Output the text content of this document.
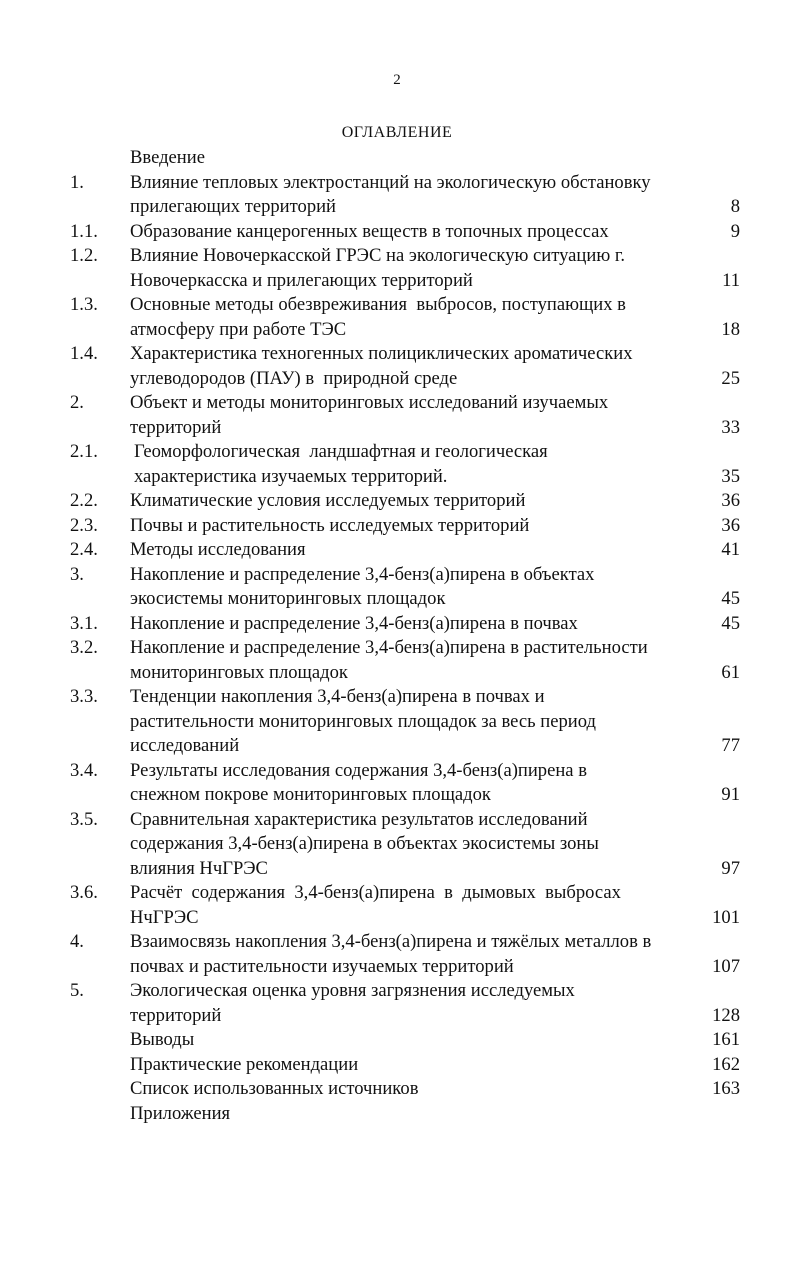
2
ОГЛАВЛЕНИЕ
Введение
1.	Влияние тепловых электростанций на экологическую обстановку
прилегающих территорий	8
1.1.	Образование канцерогенных веществ в топочных процессах	9
1.2.	Влияние Новочеркасской ГРЭС на экологическую ситуацию г.
Новочеркасска и прилегающих территорий	11
1.3.	Основные методы обезвреживания  выбросов, поступающих в
атмосферу при работе ТЭС	18
1.4.	Характеристика техногенных полициклических ароматических
углеводородов (ПАУ) в  природной среде	25
2.	Объект и методы мониторинговых исследований изучаемых
территорий	33
2.1.	Геоморфологическая  ландшафтная и геологическая
характеристика изучаемых территорий.	35
2.2.	Климатические условия исследуемых территорий	36
2.3.	Почвы и растительность исследуемых территорий	36
2.4.	Методы исследования	41
3.	Накопление и распределение 3,4-бенз(а)пирена в объектах
экосистемы мониторинговых площадок	45
3.1.	Накопление и распределение 3,4-бенз(а)пирена в почвах	45
3.2.	Накопление и распределение 3,4-бенз(а)пирена в растительности
мониторинговых площадок	61
3.3.	Тенденции накопления 3,4-бенз(а)пирена в почвах и
растительности мониторинговых площадок за весь период
исследований	77
3.4.	Результаты исследования содержания 3,4-бенз(а)пирена в
снежном покрове мониторинговых площадок	91
3.5.	Сравнительная характеристика результатов исследований
содержания 3,4-бенз(а)пирена в объектах экосистемы зоны
влияния НчГРЭС	97
3.6.	Расчёт  содержания  3,4-бенз(а)пирена  в  дымовых  выбросах
НчГРЭС	101
4.	Взаимосвязь накопления 3,4-бенз(а)пирена и тяжёлых металлов в
почвах и растительности изучаемых территорий	107
5.	Экологическая оценка уровня загрязнения исследуемых
территорий	128
Выводы	161
Практические рекомендации	162
Список использованных источников	163
Приложения
